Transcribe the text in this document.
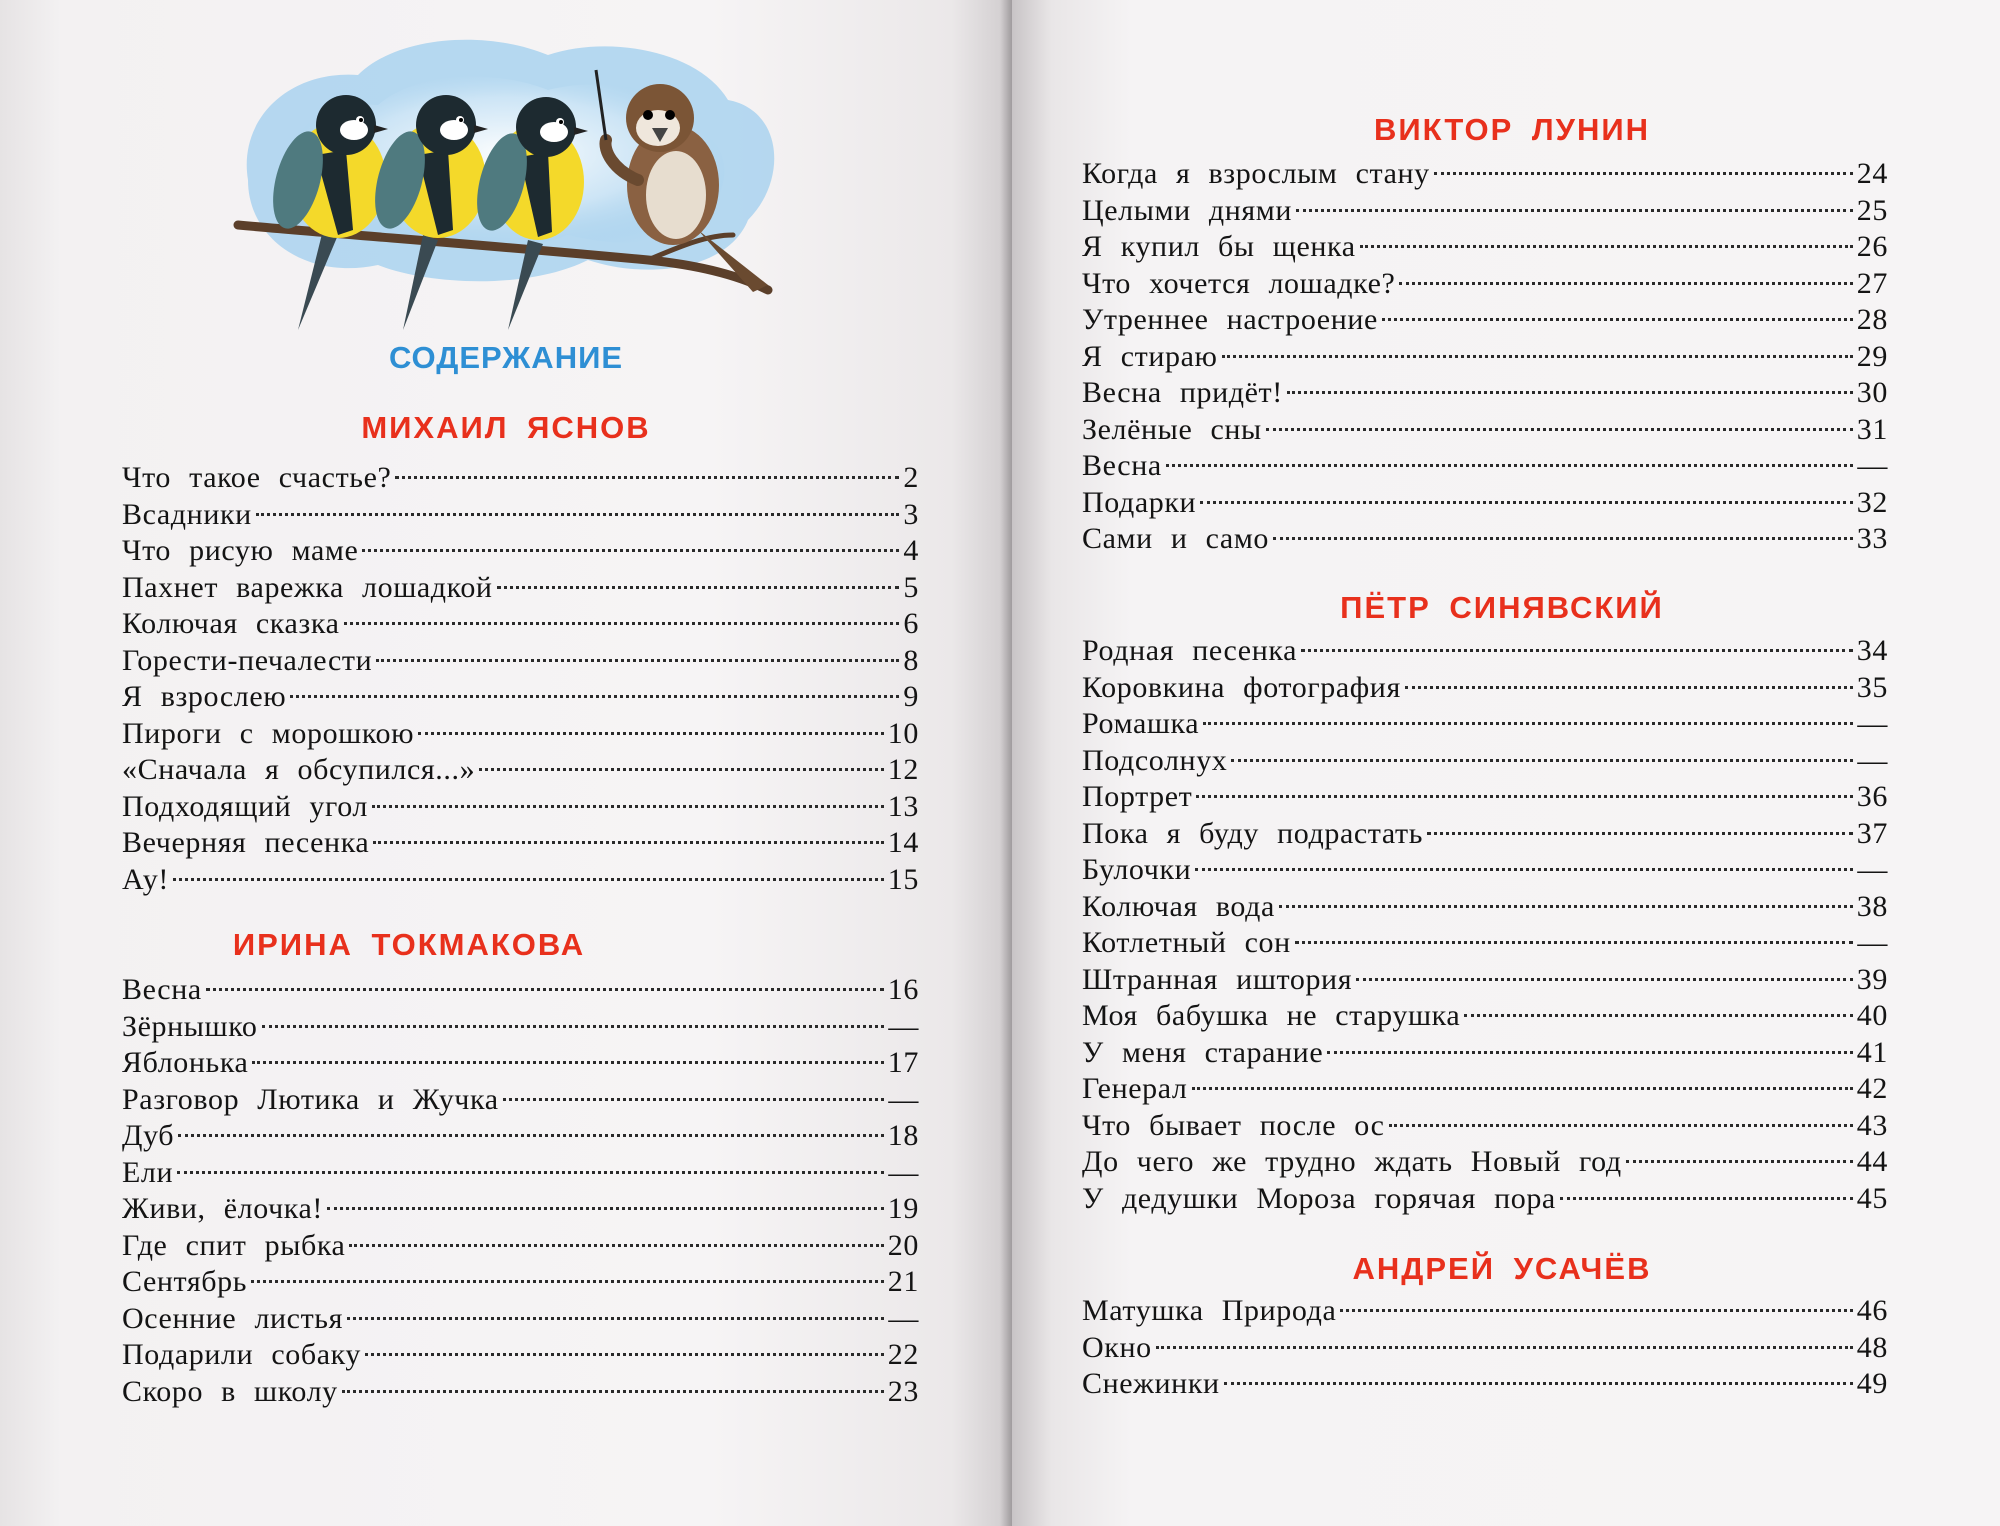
СОДЕРЖАНИЕ
МИХАИЛ ЯСНОВ
Что такое счастье?	2
Всадники	3
Что рисую маме	4
Пахнет варежка лошадкой	5
Колючая сказка	6
Горести-печалести	8
Я взрослею	9
Пироги с морошкою	10
«Сначала я обсупился...»	12
Подходящий угол	13
Вечерняя песенка	14
Ау!	15
ИРИНА ТОКМАКОВА
Весна	16
Зёрнышко	—
Яблонька	17
Разговор Лютика и Жучка	—
Дуб	18
Ели	—
Живи, ёлочка!	19
Где спит рыбка	20
Сентябрь	21
Осенние листья	—
Подарили собаку	22
Скоро в школу	23
ВИКТОР ЛУНИН
Когда я взрослым стану	24
Целыми днями	25
Я купил бы щенка	26
Что хочется лошадке?	27
Утреннее настроение	28
Я стираю	29
Весна придёт!	30
Зелёные сны	31
Весна	—
Подарки	32
Сами и само	33
ПЁТР СИНЯВСКИЙ
Родная песенка	34
Коровкина фотография	35
Ромашка	—
Подсолнух	—
Портрет	36
Пока я буду подрастать	37
Булочки	—
Колючая вода	38
Котлетный сон	—
Штранная иштория	39
Моя бабушка не старушка	40
У меня старание	41
Генерал	42
Что бывает после ос	43
До чего же трудно ждать Новый год	44
У дедушки Мороза горячая пора	45
АНДРЕЙ УСАЧЁВ
Матушка Природа	46
Окно	48
Снежинки	49
